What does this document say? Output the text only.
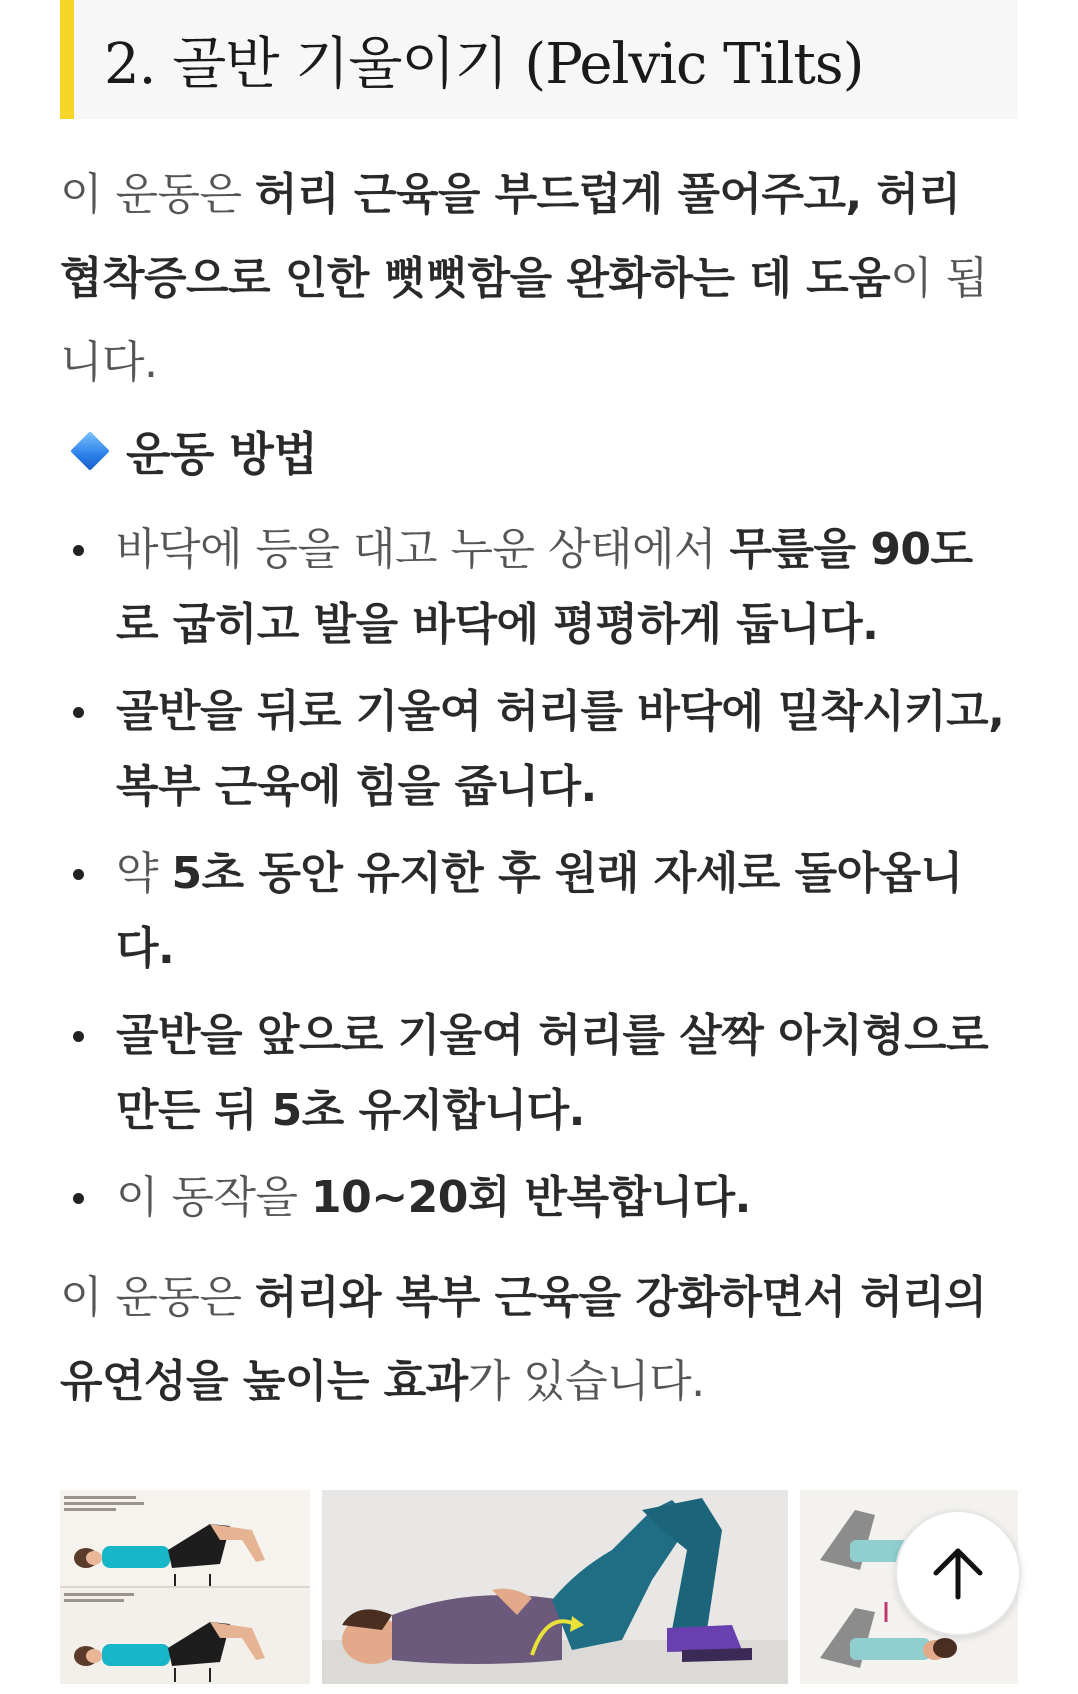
2. 골반 기울이기 (Pelvic Tilts)

이 운동은 허리 근육을 부드럽게 풀어주고, 허리 협착증으로 인한 뻣뻣함을 완화하는 데 도움이 됩니다.

운동 방법
바닥에 등을 대고 누운 상태에서 무릎을 90도로 굽히고 발을 바닥에 평평하게 둡니다.
골반을 뒤로 기울여 허리를 바닥에 밀착시키고, 복부 근육에 힘을 줍니다.
약 5초 동안 유지한 후 원래 자세로 돌아옵니다.
골반을 앞으로 기울여 허리를 살짝 아치형으로 만든 뒤 5초 유지합니다.
이 동작을 10~20회 반복합니다.

이 운동은 허리와 복부 근육을 강화하면서 허리의 유연성을 높이는 효과가 있습니다.
